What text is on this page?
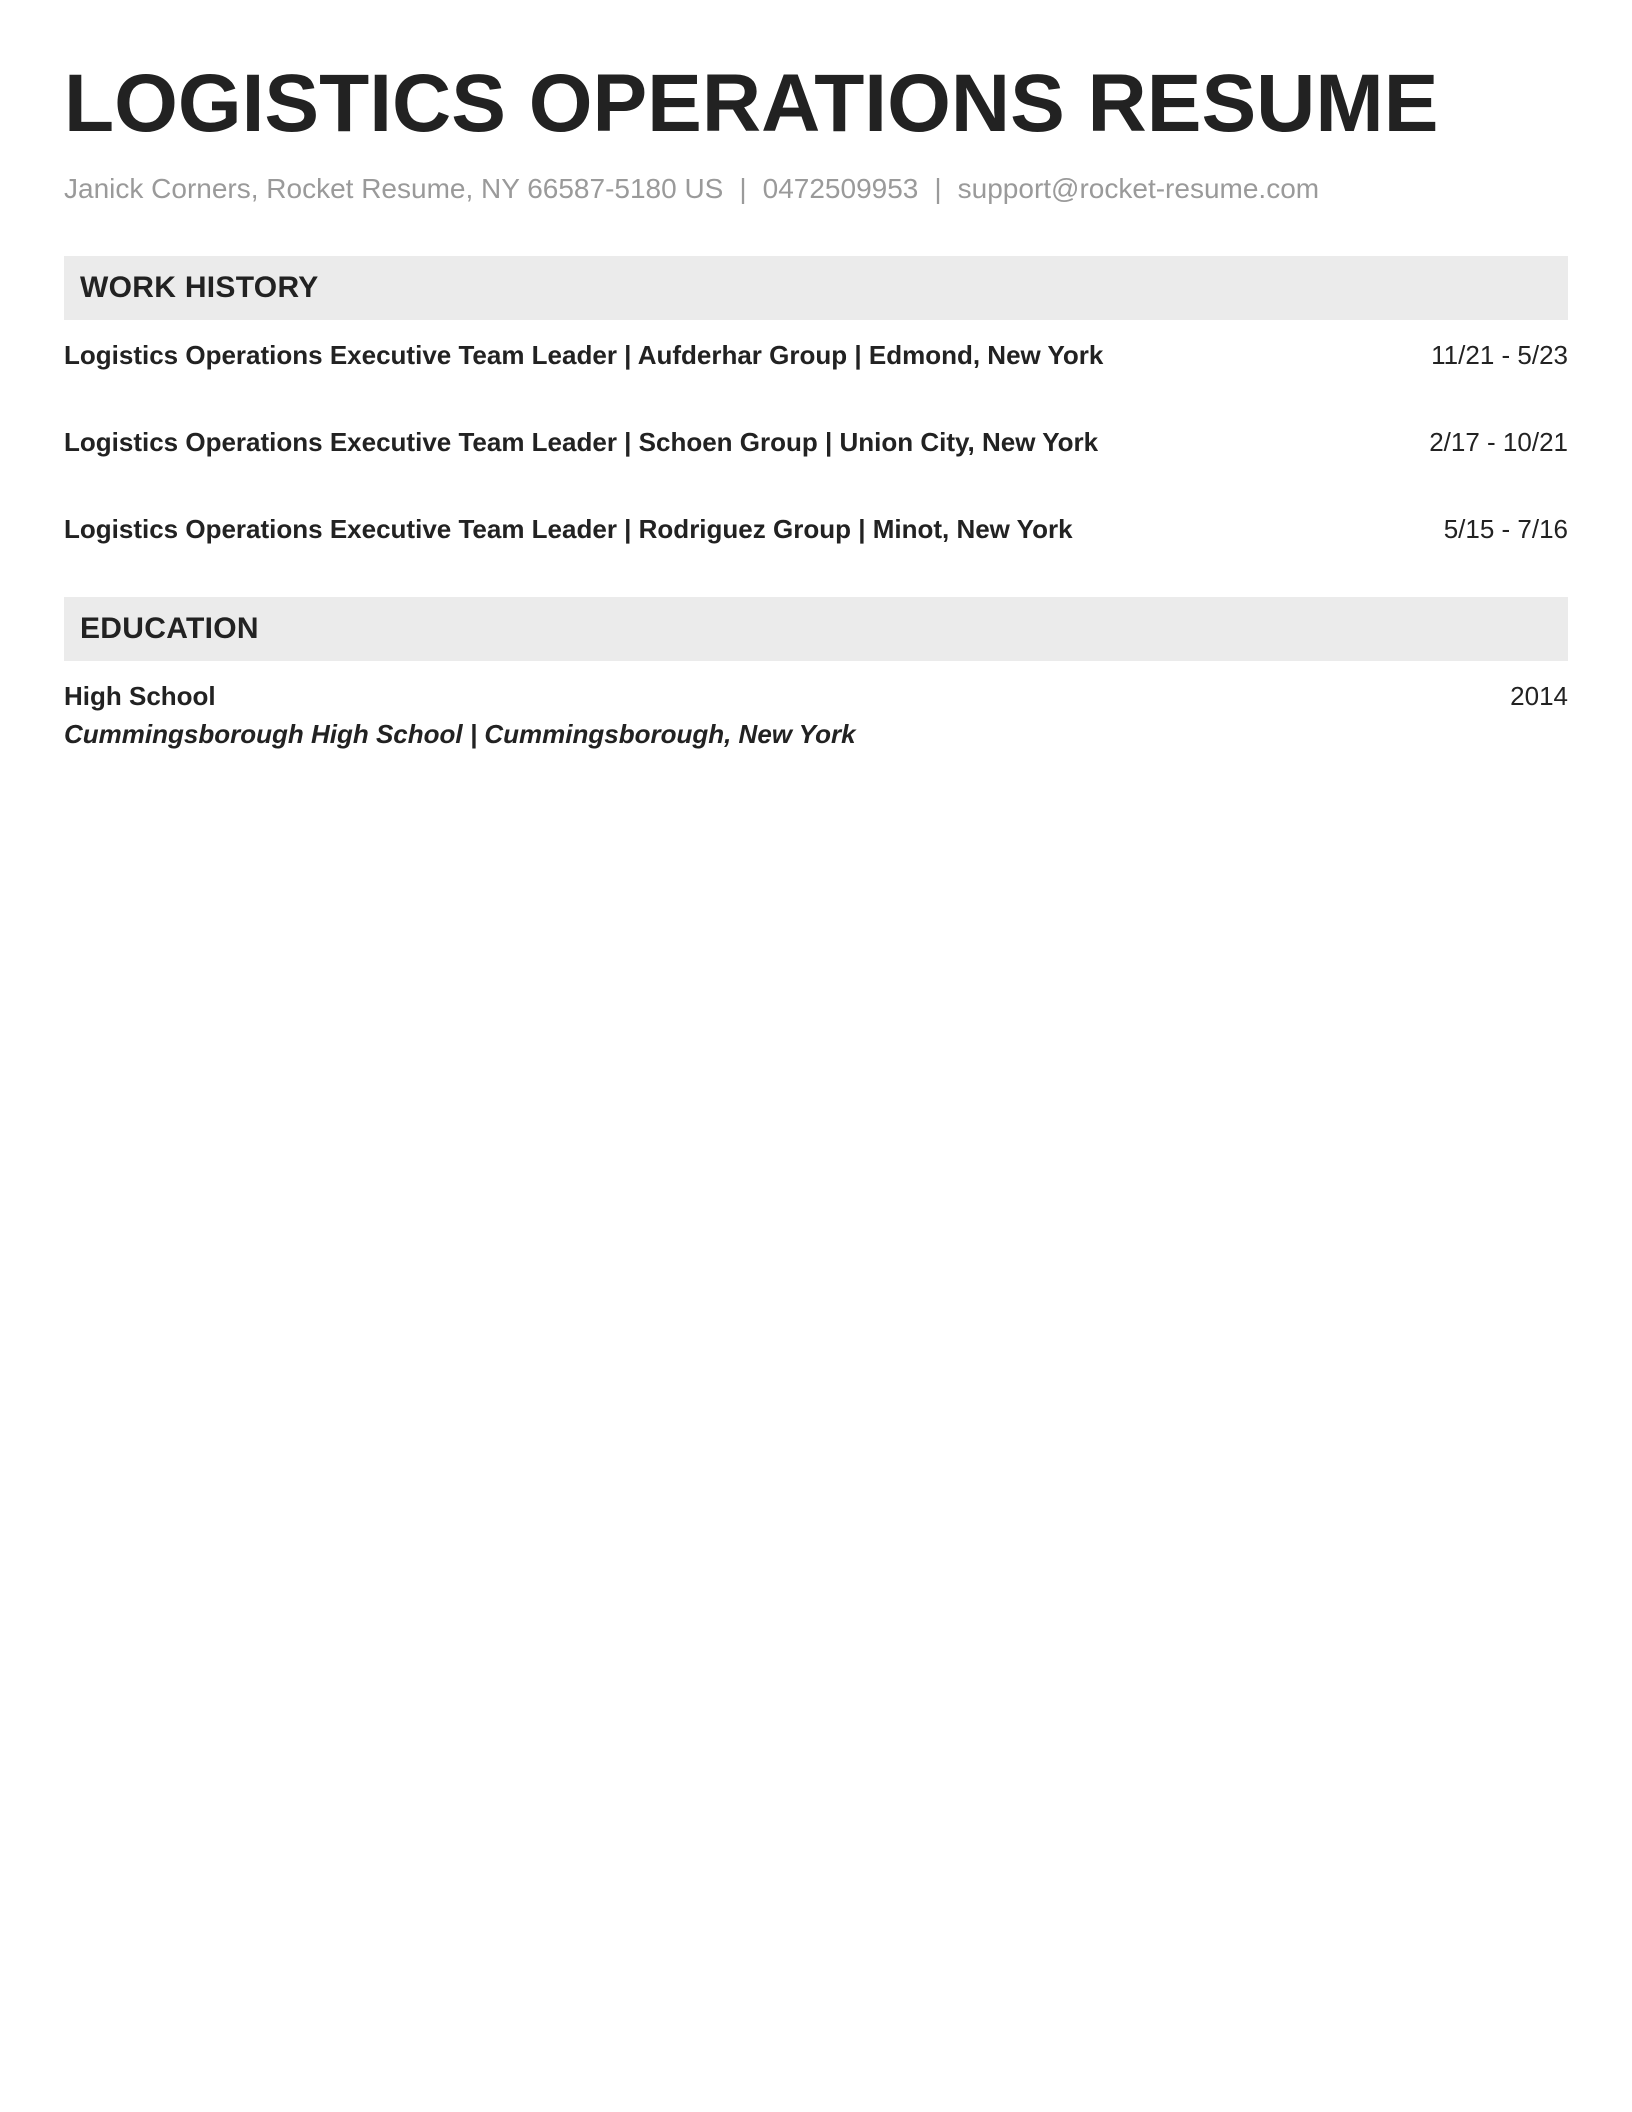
LOGISTICS OPERATIONS RESUME
Janick Corners, Rocket Resume, NY 66587-5180 US | 0472509953 | support@rocket-resume.com
WORK HISTORY
Logistics Operations Executive Team Leader | Aufderhar Group | Edmond, New York	11/21 - 5/23
Logistics Operations Executive Team Leader | Schoen Group | Union City, New York	2/17 - 10/21
Logistics Operations Executive Team Leader | Rodriguez Group | Minot, New York	5/15 - 7/16
EDUCATION
High School	2014
Cummingsborough High School | Cummingsborough, New York
